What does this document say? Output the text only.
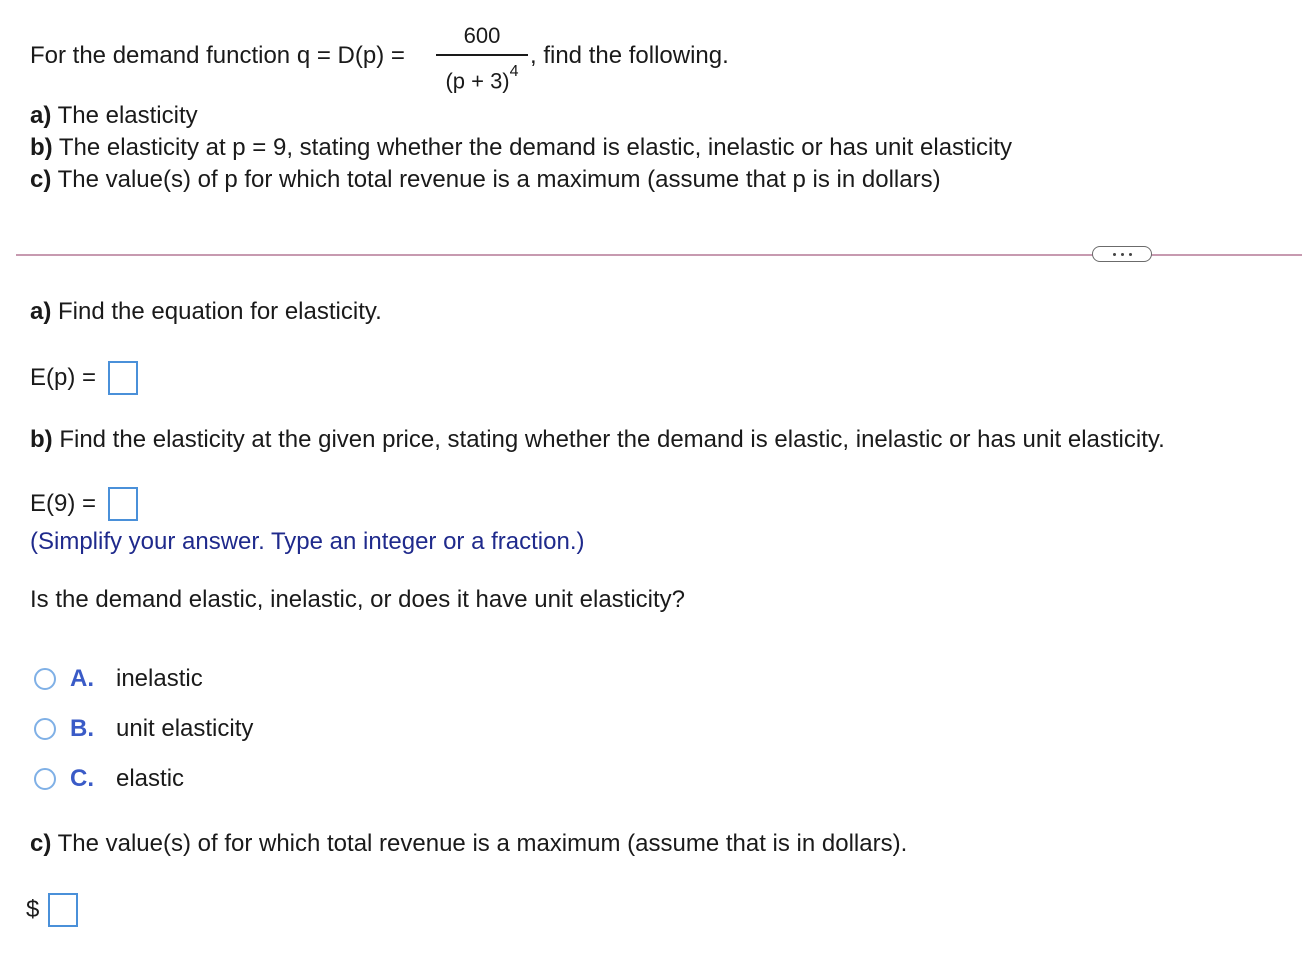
For the demand function q = D(p) =
600
$(p + 3)^4$
, find the following.
a) The elasticity
b) The elasticity at p = 9, stating whether the demand is elastic, inelastic or has unit elasticity
c) The value(s) of p for which total revenue is a maximum (assume that p is in dollars)
a) Find the equation for elasticity.
E(p) =
b) Find the elasticity at the given price, stating whether the demand is elastic, inelastic or has unit elasticity.
E(9) =
(Simplify your answer. Type an integer or a fraction.)
Is the demand elastic, inelastic, or does it have unit elasticity?
A. inelastic
B. unit elasticity
C. elastic
c) The value(s) of for which total revenue is a maximum (assume that is in dollars).
$
